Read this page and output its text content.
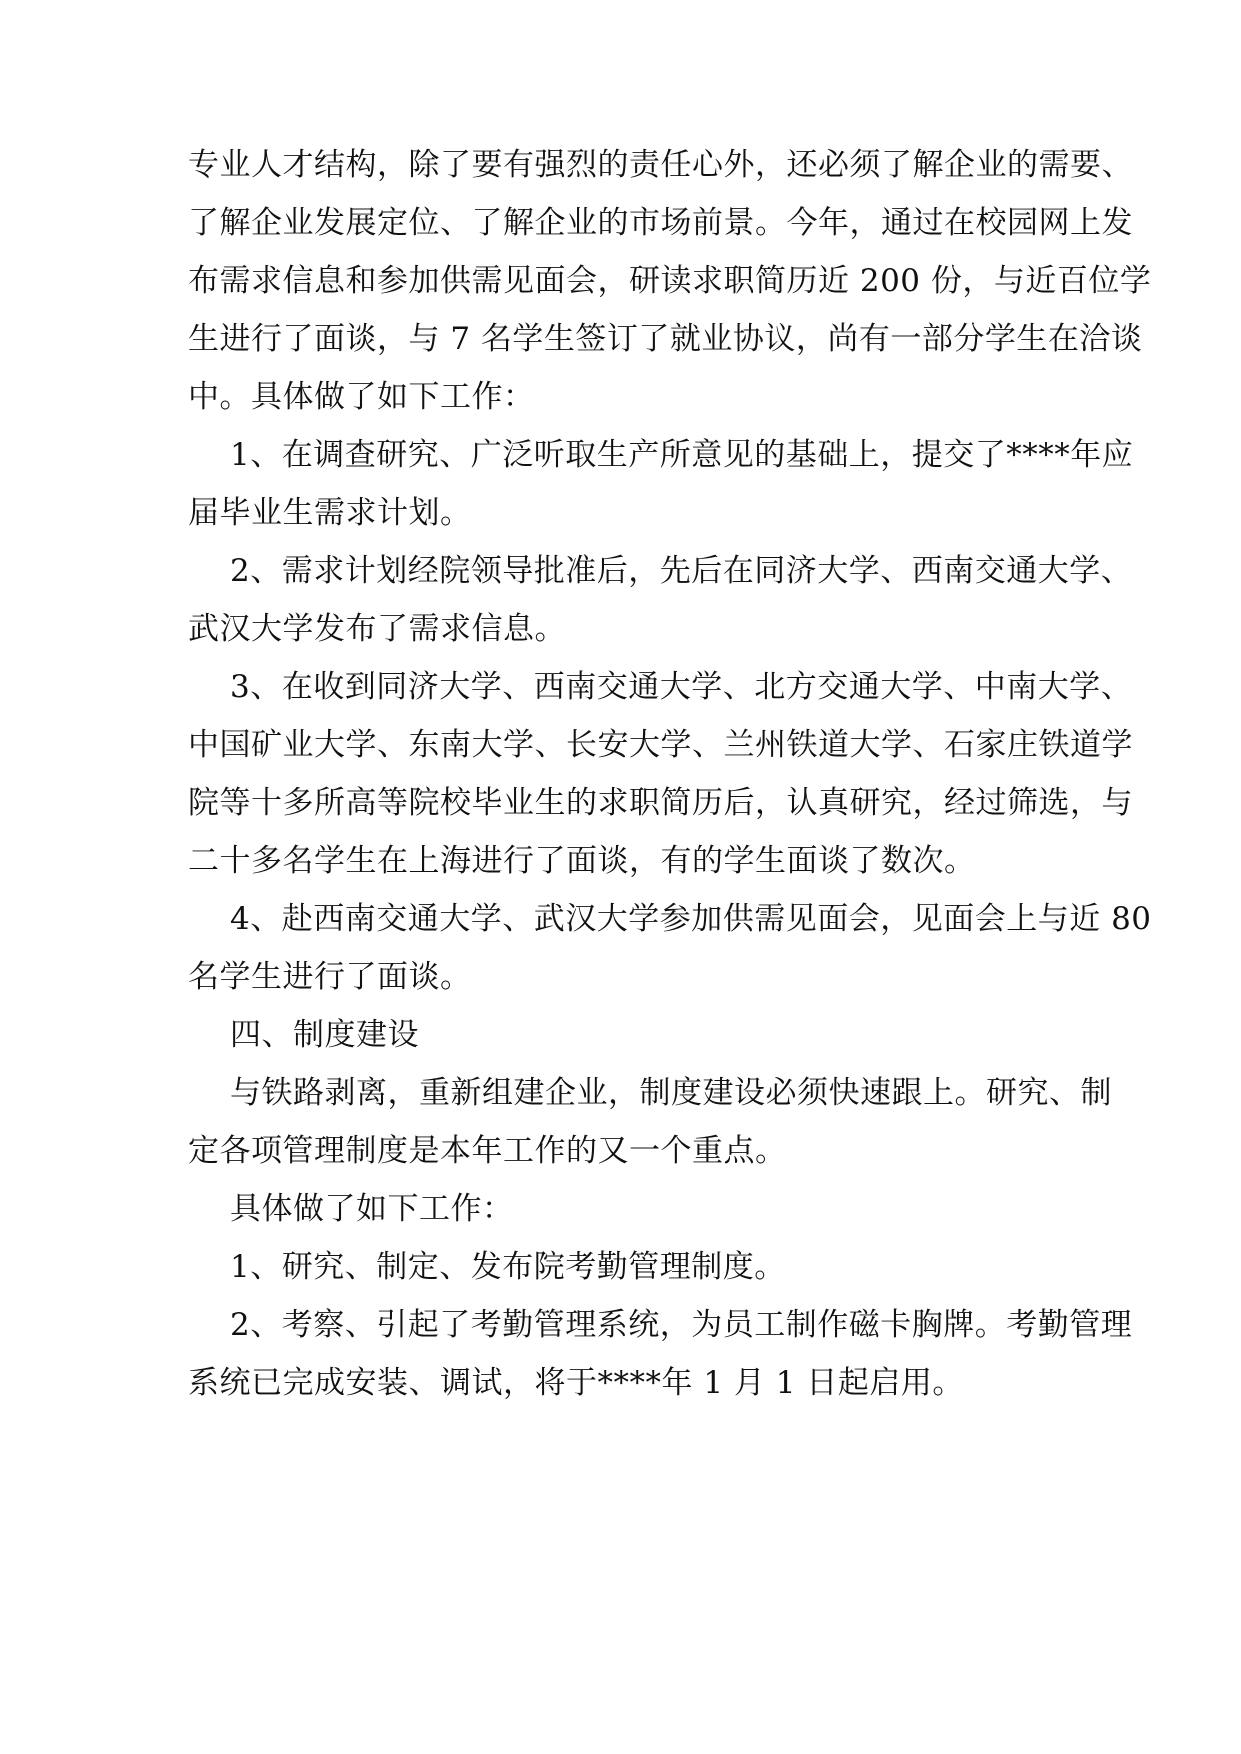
专业人才结构，除了要有强烈的责任心外，还必须了解企业的需要、
了解企业发展定位、了解企业的市场前景。今年，通过在校园网上发
布需求信息和参加供需见面会，研读求职简历近 200 份，与近百位学
生进行了面谈，与 7 名学生签订了就业协议，尚有一部分学生在洽谈
中。具体做了如下工作：
1、在调查研究、广泛听取生产所意见的基础上，提交了****年应
届毕业生需求计划。
2、需求计划经院领导批准后，先后在同济大学、西南交通大学、
武汉大学发布了需求信息。
3、在收到同济大学、西南交通大学、北方交通大学、中南大学、
中国矿业大学、东南大学、长安大学、兰州铁道大学、石家庄铁道学
院等十多所高等院校毕业生的求职简历后，认真研究，经过筛选，与
二十多名学生在上海进行了面谈，有的学生面谈了数次。
4、赴西南交通大学、武汉大学参加供需见面会，见面会上与近 80
名学生进行了面谈。
四、制度建设
与铁路剥离，重新组建企业，制度建设必须快速跟上。研究、制
定各项管理制度是本年工作的又一个重点。
具体做了如下工作：
1、研究、制定、发布院考勤管理制度。
2、考察、引起了考勤管理系统，为员工制作磁卡胸牌。考勤管理
系统已完成安装、调试，将于****年 1 月 1 日起启用。
